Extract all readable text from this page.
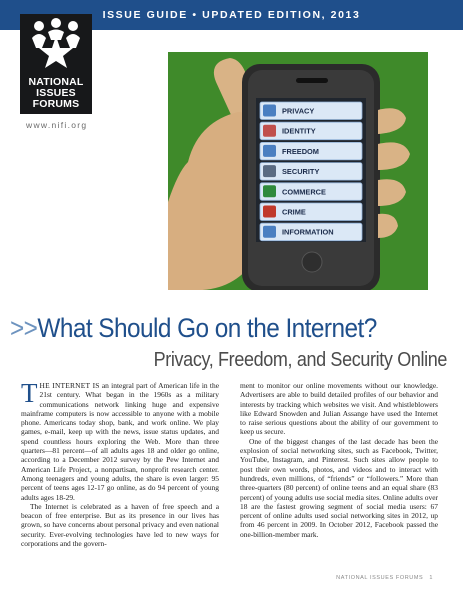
ISSUE GUIDE • UPDATED EDITION, 2013
NATIONAL
ISSUES
FORUMS
www.nifi.org
PRIVACY
IDENTITY
FREEDOM
SECURITY
COMMERCE
CRIME
INFORMATION
>>What Should Go on the Internet?
Privacy, Freedom, and Security Online

THE INTERNET IS an integral part of American life in the 21st century. What began in the 1960s as a military communications network linking huge and expensive mainframe computers is now accessible to anyone with a mobile phone. Americans today shop, bank, and work online. We play games, e-mail, keep up with the news, issue status updates, and spend countless hours exploring the Web. More than three quarters—81 percent—of all adults ages 18 and older go online, according to a December 2012 survey by the Pew Internet and American Life Project, a nonpartisan, nonprofit research center. Among teenagers and young adults, the share is even larger: 95 percent of teens ages 12-17 go online, as do 94 percent of young adults ages 18-29.

The Internet is celebrated as a haven of free speech and a beacon of free enterprise. But as its presence in our lives has grown, so have concerns about personal privacy and even national security. Ever-evolving technologies have led to new ways for corporations and the govern-

ment to monitor our online movements without our knowledge. Advertisers are able to build detailed profiles of our behavior and interests by tracking which websites we visit. And whistleblowers like Edward Snowden and Julian Assange have used the Internet to raise serious questions about the ability of our government to keep us secure.

One of the biggest changes of the last decade has been the explosion of social networking sites, such as Facebook, Twitter, YouTube, Instagram, and Pinterest. Such sites allow people to post their own words, photos, and videos and to interact with hundreds, even millions, of “friends” or “followers.” More than three-quarters (80 percent) of online teens and an equal share (83 percent) of young adults use social media sites. Online adults over 18 are the fastest growing segment of social media users: 67 percent of online adults used social networking sites in 2012, up from 46 percent in 2009. In October 2012, Facebook passed the one-billion-member mark.

NATIONAL ISSUES FORUMS 1
